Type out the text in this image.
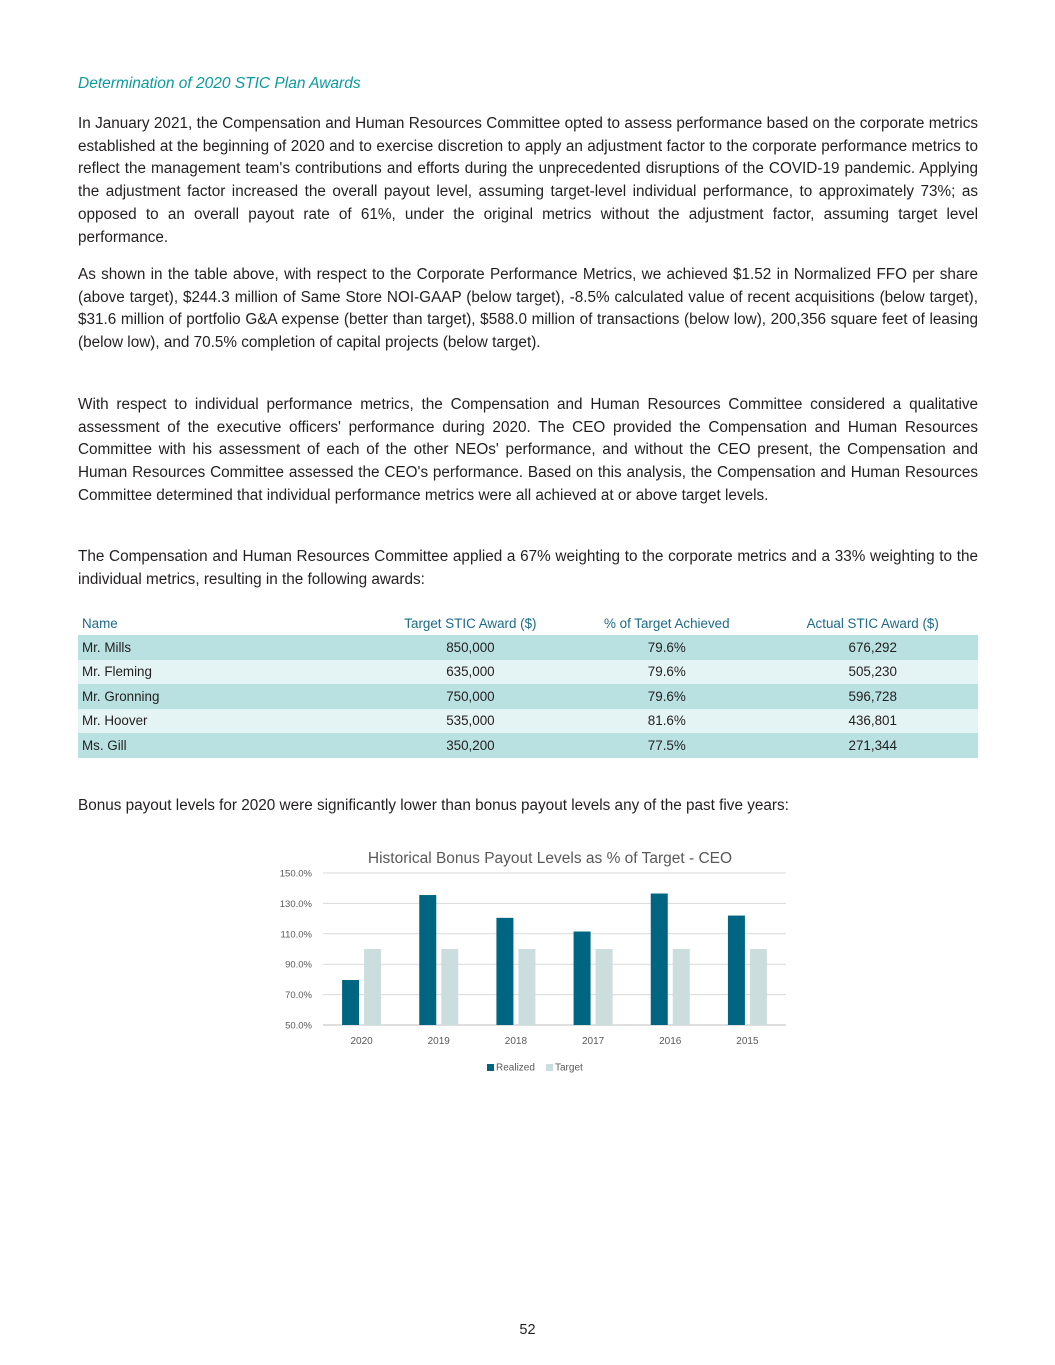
Determination of 2020 STIC Plan Awards

In January 2021, the Compensation and Human Resources Committee opted to assess performance based on the corporate metrics established at the beginning of 2020 and to exercise discretion to apply an adjustment factor to the corporate performance metrics to reflect the management team's contributions and efforts during the unprecedented disruptions of the COVID-19 pandemic. Applying the adjustment factor increased the overall payout level, assuming target-level individual performance, to approximately 73%; as opposed to an overall payout rate of 61%, under the original metrics without the adjustment factor, assuming target level performance.

As shown in the table above, with respect to the Corporate Performance Metrics, we achieved $1.52 in Normalized FFO per share (above target), $244.3 million of Same Store NOI-GAAP (below target), -8.5% calculated value of recent acquisitions (below target), $31.6 million of portfolio G&A expense (better than target), $588.0 million of transactions (below low), 200,356 square feet of leasing (below low), and 70.5% completion of capital projects (below target).

With respect to individual performance metrics, the Compensation and Human Resources Committee considered a qualitative assessment of the executive officers' performance during 2020. The CEO provided the Compensation and Human Resources Committee with his assessment of each of the other NEOs' performance, and without the CEO present, the Compensation and Human Resources Committee assessed the CEO's performance. Based on this analysis, the Compensation and Human Resources Committee determined that individual performance metrics were all achieved at or above target levels.

The Compensation and Human Resources Committee applied a 67% weighting to the corporate metrics and a 33% weighting to the individual metrics, resulting in the following awards:

Name	Target STIC Award ($)	% of Target Achieved	Actual STIC Award ($)
Mr. Mills	850,000	79.6%	676,292
Mr. Fleming	635,000	79.6%	505,230
Mr. Gronning	750,000	79.6%	596,728
Mr. Hoover	535,000	81.6%	436,801
Ms. Gill	350,200	77.5%	271,344

Bonus payout levels for 2020 were significantly lower than bonus payout levels any of the past five years:

Historical Bonus Payout Levels as % of Target - CEO
50.0%
70.0%
90.0%
110.0%
130.0%
150.0%
2020	2019	2018	2017	2016	2015
Realized Target
52
